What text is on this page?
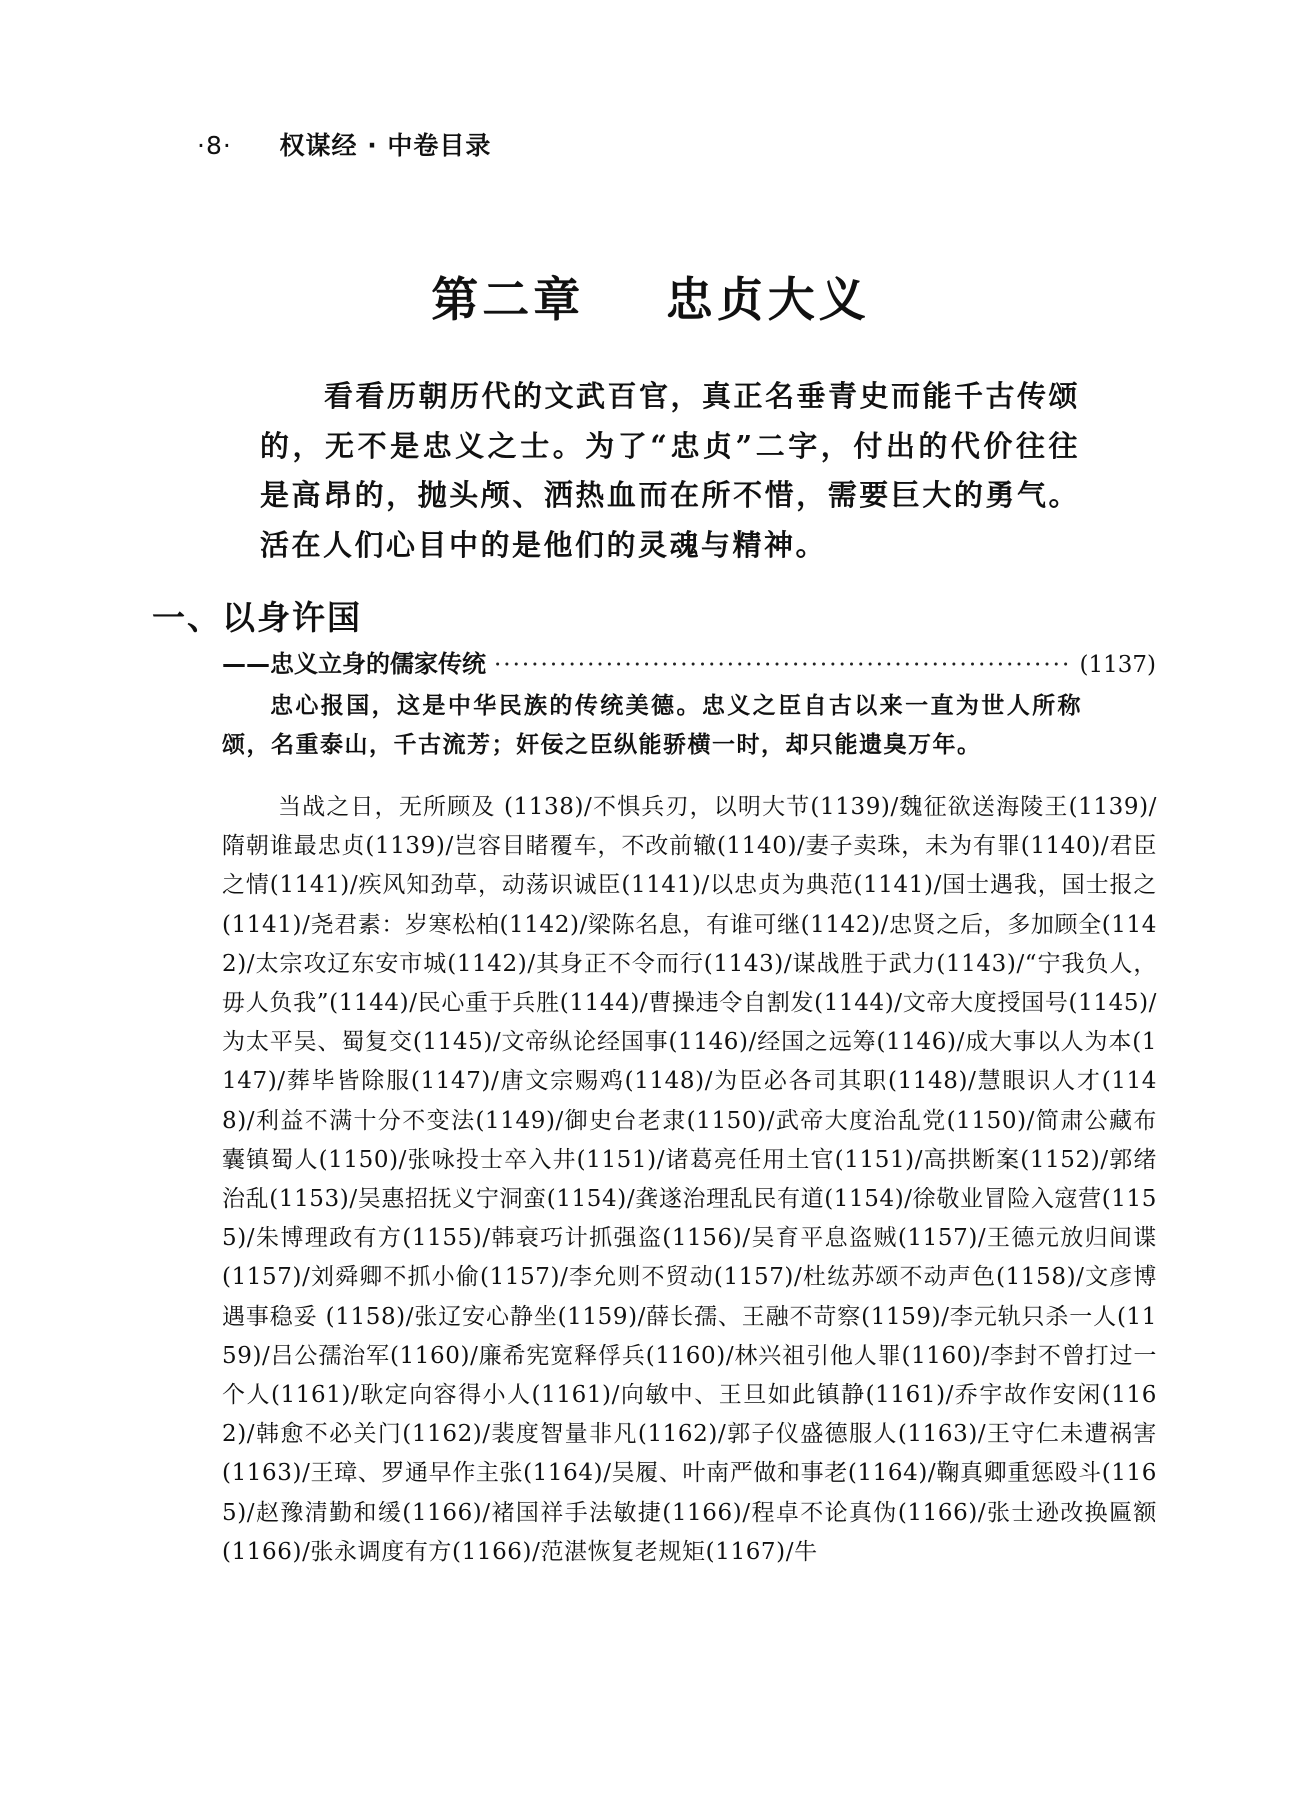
·8· 权谋经 · 中卷目录
第二章    忠贞大义
看看历朝历代的文武百官，真正名垂青史而能千古传颂的，无不是忠义之士。为了“忠贞”二字，付出的代价往往是高昂的，抛头颅、洒热血而在所不惜，需要巨大的勇气。活在人们心目中的是他们的灵魂与精神。
一、以身许国
——忠义立身的儒家传统
·····	(1137)
忠心报国，这是中华民族的传统美德。忠义之臣自古以来一直为世人所称颂，名重泰山，千古流芳；奸佞之臣纵能骄横一时，却只能遗臭万年。
当战之日，无所顾及 (1138)/不惧兵刃，以明大节(1139)/魏征欲送海陵王(1139)/隋朝谁最忠贞(1139)/岂容目睹覆车，不改前辙(1140)/妻子卖珠，未为有罪(1140)/君臣之情(1141)/疾风知劲草，动荡识诚臣(1141)/以忠贞为典范(1141)/国士遇我，国士报之(1141)/尧君素：岁寒松柏(1142)/梁陈名息，有谁可继(1142)/忠贤之后，多加顾全(1142)/太宗攻辽东安市城(1142)/其身正不令而行(1143)/谋战胜于武力(1143)/“宁我负人，毋人负我”(1144)/民心重于兵胜(1144)/曹操违令自割发(1144)/文帝大度授国号(1145)/为太平吴、蜀复交(1145)/文帝纵论经国事(1146)/经国之远筹(1146)/成大事以人为本(1147)/葬毕皆除服(1147)/唐文宗赐鸡(1148)/为臣必各司其职(1148)/慧眼识人才(1148)/利益不满十分不变法(1149)/御史台老隶(1150)/武帝大度治乱党(1150)/简肃公藏布囊镇蜀人(1150)/张咏投士卒入井(1151)/诸葛亮任用土官(1151)/高拱断案(1152)/郭绪治乱(1153)/吴惠招抚义宁洞蛮(1154)/龚遂治理乱民有道(1154)/徐敬业冒险入寇营(1155)/朱博理政有方(1155)/韩衰巧计抓强盗(1156)/吴育平息盗贼(1157)/王德元放归间谍(1157)/刘舜卿不抓小偷(1157)/李允则不贸动(1157)/杜纮苏颂不动声色(1158)/文彦博遇事稳妥 (1158)/张辽安心静坐(1159)/薛长孺、王融不苛察(1159)/李元轨只杀一人(1159)/吕公孺治军(1160)/廉希宪宽释俘兵(1160)/林兴祖引他人罪(1160)/李封不曾打过一个人(1161)/耿定向容得小人(1161)/向敏中、王旦如此镇静(1161)/乔宇故作安闲(1162)/韩愈不必关门(1162)/裴度智量非凡(1162)/郭子仪盛德服人(1163)/王守仁未遭祸害(1163)/王璋、罗通早作主张(1164)/吴履、叶南严做和事老(1164)/鞠真卿重惩殴斗(1165)/赵豫清勤和缓(1166)/褚国祥手法敏捷(1166)/程卓不论真伪(1166)/张士逊改换匾额(1166)/张永调度有方(1166)/范湛恢复老规矩(1167)/牛
